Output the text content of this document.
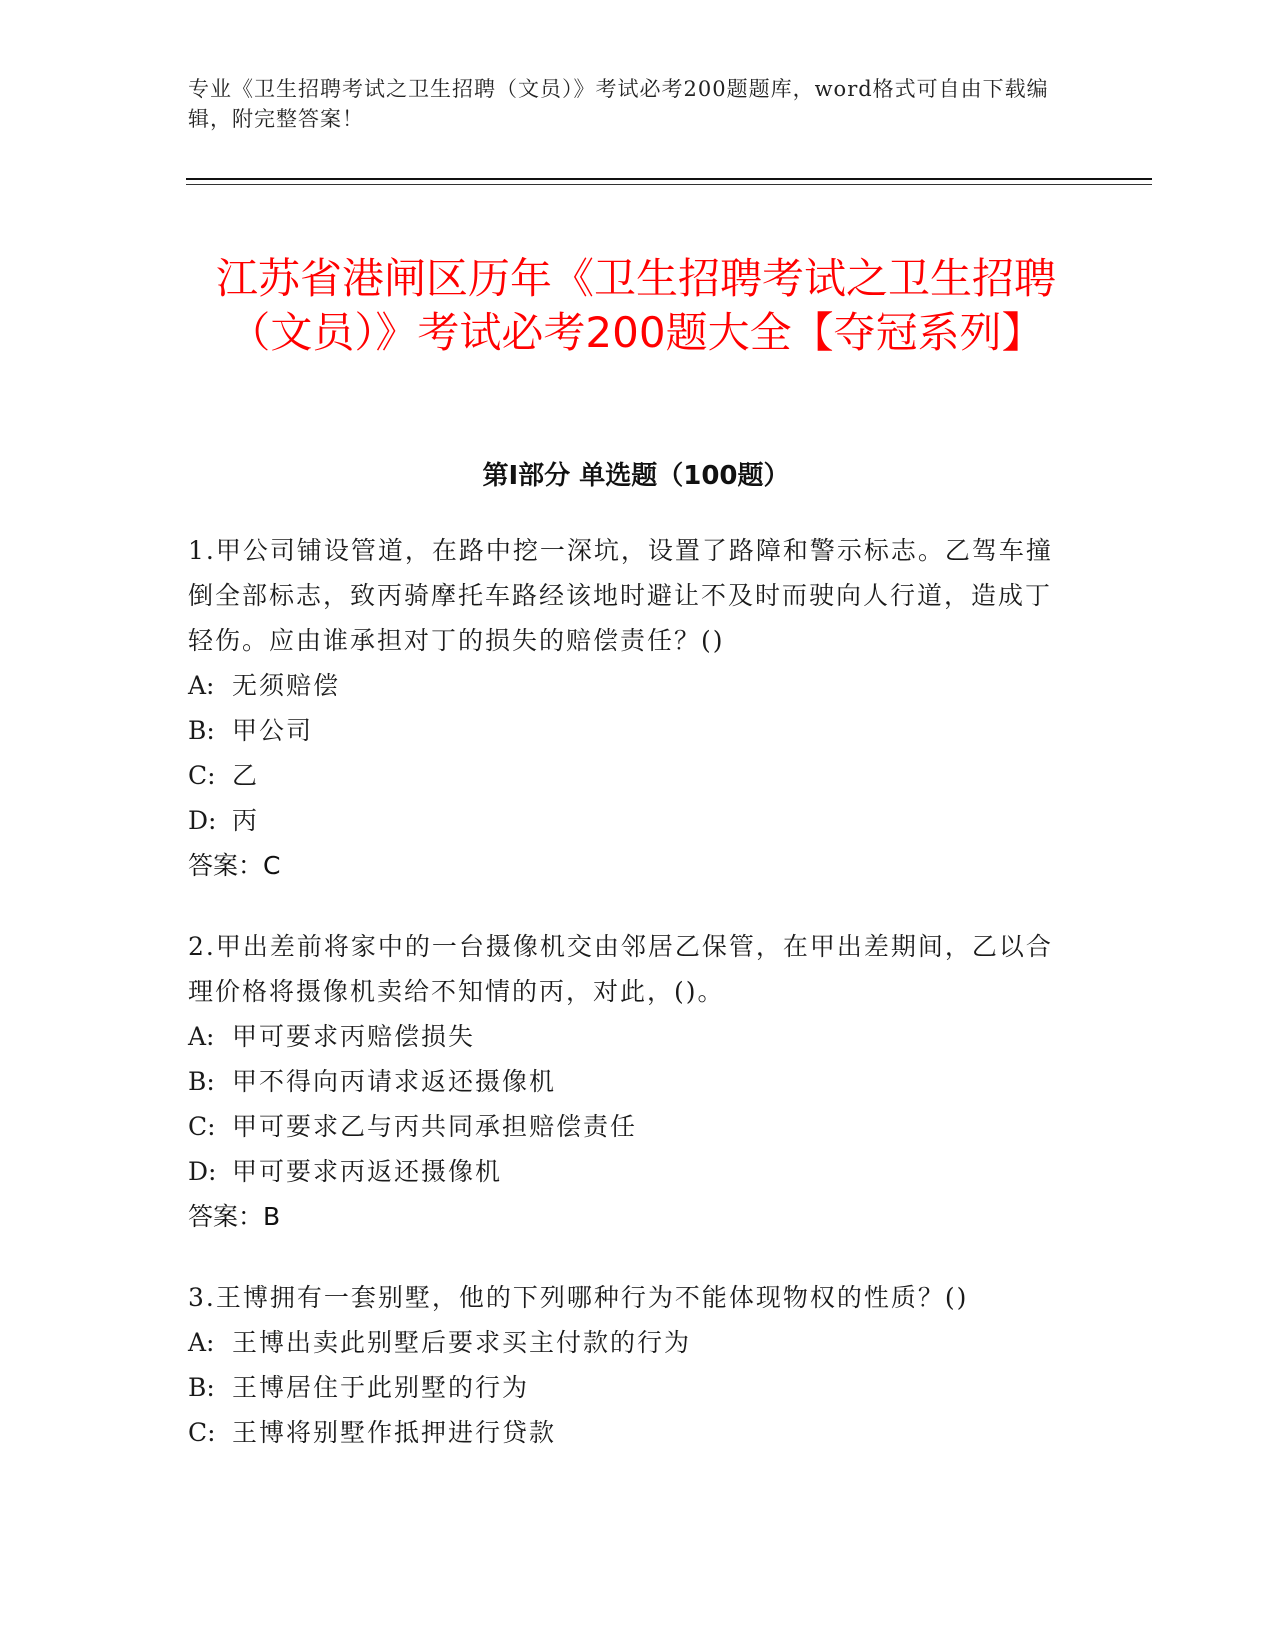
专业《卫生招聘考试之卫生招聘（文员）》考试必考200题题库，word格式可自由下载编辑，附完整答案！
江苏省港闸区历年《卫生招聘考试之卫生招聘（文员）》考试必考200题大全【夺冠系列】
第Ⅰ部分 单选题（100题）

1.甲公司铺设管道，在路中挖一深坑，设置了路障和警示标志。乙驾车撞倒全部标志，致丙骑摩托车路经该地时避让不及时而驶向人行道，造成丁轻伤。应由谁承担对丁的损失的赔偿责任？()

A: 无须赔偿
B: 甲公司
C: 乙
D: 丙
答案：C

2.甲出差前将家中的一台摄像机交由邻居乙保管，在甲出差期间，乙以合理价格将摄像机卖给不知情的丙，对此，()。

A: 甲可要求丙赔偿损失
B: 甲不得向丙请求返还摄像机
C: 甲可要求乙与丙共同承担赔偿责任
D: 甲可要求丙返还摄像机
答案：B

3.王博拥有一套别墅，他的下列哪种行为不能体现物权的性质？()

A: 王博出卖此别墅后要求买主付款的行为
B: 王博居住于此别墅的行为
C: 王博将别墅作抵押进行贷款
